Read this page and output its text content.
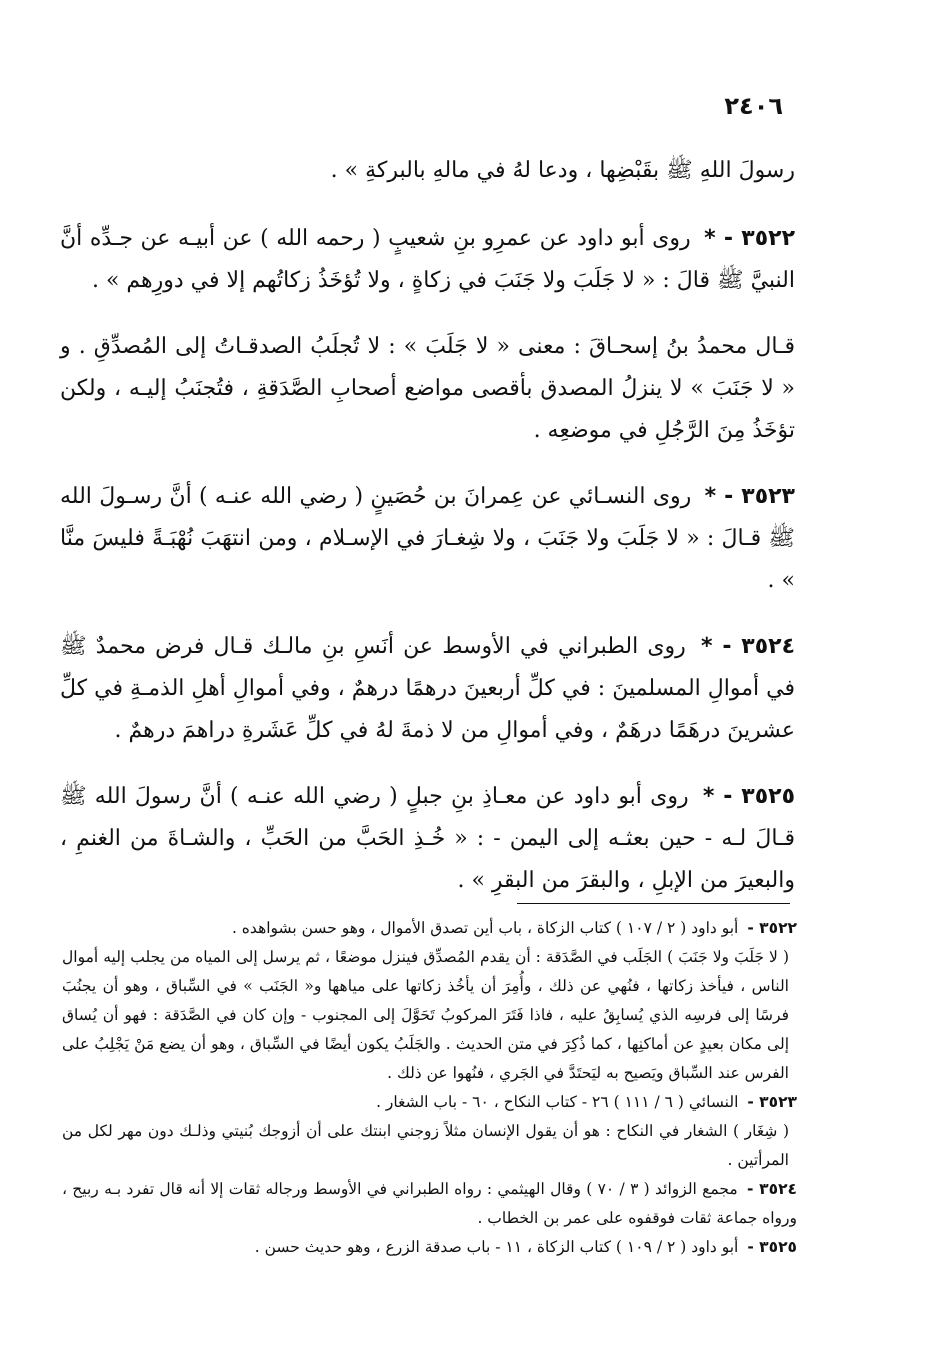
٢٤٠٦

رسولَ اللهِ ﷺ بقَبْضِها ، ودعا لهُ في مالهِ بالبركةِ » .

٣٥٢٢ - * روى أبو داود عن عمرِو بنِ شعيبٍ ( رحمه الله ) عن أبيـه عن جـدِّه أنَّ النبيَّ ﷺ قالَ : « لا جَلَبَ ولا جَنَبَ في زكاةٍ ، ولا تُؤخَذُ زكاتُهم إلا في دورِهم » .

قـال محمدُ بنُ إسحـاقَ : معنى « لا جَلَبَ » : لا تُجلَبُ الصدقـاتُ إلى المُصدِّقِ . و « لا جَنَبَ » لا ينزلُ المصدق بأقصى مواضع أصحابِ الصَّدَقةِ ، فتُجنَبُ إليـه ، ولكن تؤخَذُ مِنَ الرَّجُلِ في موضعِه .

٣٥٢٣ - * روى النسـائي عن عِمرانَ بن حُصَينٍ ( رضي الله عنـه ) أنَّ رسـولَ الله ﷺ قـالَ : « لا جَلَبَ ولا جَنَبَ ، ولا شِغـارَ في الإسـلام ، ومن انتهَبَ نُهْبَـةً فليسَ منَّا » .

٣٥٢٤ - * روى الطبراني في الأوسط عن أنَسِ بنِ مالـك قـال فرض محمدٌ ﷺ في أموالِ المسلمينَ : في كلِّ أربعينَ درهمًا درهمٌ ، وفي أموالِ أهلِ الذمـةِ في كلِّ عشرينَ درهَمًا درهَمٌ ، وفي أموالِ من لا ذمةَ لهُ في كلِّ عَشَرةِ دراهمَ درهمٌ .

٣٥٢٥ - * روى أبو داود عن معـاذِ بنِ جبلٍ ( رضي الله عنـه ) أنَّ رسولَ الله ﷺ قـالَ لـه - حين بعثـه إلى اليمن - : « خُـذِ الحَبَّ من الحَبِّ ، والشـاةَ من الغنمِ ، والبعيرَ من الإبلِ ، والبقرَ من البقرِ » .

٣٥٢٢ - أبو داود ( ٢ / ١٠٧ ) كتاب الزكاة ، باب أين تصدق الأموال ، وهو حسن بشواهده .

( لا جَلَبَ ولا جَنَبَ ) الجَلَب في الصَّدَقة : أن يقدم المُصدِّق فينزل موضعًا ، ثم يرسل إلى المياه من يجلب إليه أموال الناس ، فيأخذ زكاتها ، فنُهي عن ذلك ، وأُمِرَ أن يأخُذ زكاتها على مياهها و« الجَنَب » في السِّباق ، وهو أن يجنُبَ فرسًا إلى فرسِه الذي يُسابِقُ عليه ، فاذا فَتَرَ المركوبُ تَحَوَّلَ إلى المجنوب - وإن كان في الصَّدَقة : فهو أن يُساق إلى مكان بعيدٍ عن أماكنِها ، كما ذُكِرَ في متن الحديث . والجَلَبُ يكون أيضًا في السِّباق ، وهو أن يضع مَنْ يَجْلِبُ على الفرس عند السِّباق ويَصيح به ليَحتَدَّ في الجَري ، فنُهوا عن ذلك .

٣٥٢٣ - النسائي ( ٦ / ١١١ ) ٢٦ - كتاب النكاح ، ٦٠ - باب الشغار .

( شِغَار ) الشغار في النكاح : هو أن يقول الإنسان مثلاً زوجني ابنتك على أن أزوجك بُنيتي وذلـك دون مهر لكل من المرأتين .

٣٥٢٤ - مجمع الزوائد ( ٣ / ٧٠ ) وقال الهيثمي : رواه الطبراني في الأوسط ورجاله ثقات إلا أنه قال تفرد بـه ربيح ، ورواه جماعة ثقات فوقفوه على عمر بن الخطاب .

٣٥٢٥ - أبو داود ( ٢ / ١٠٩ ) كتاب الزكاة ، ١١ - باب صدقة الزرع ، وهو حديث حسن .
